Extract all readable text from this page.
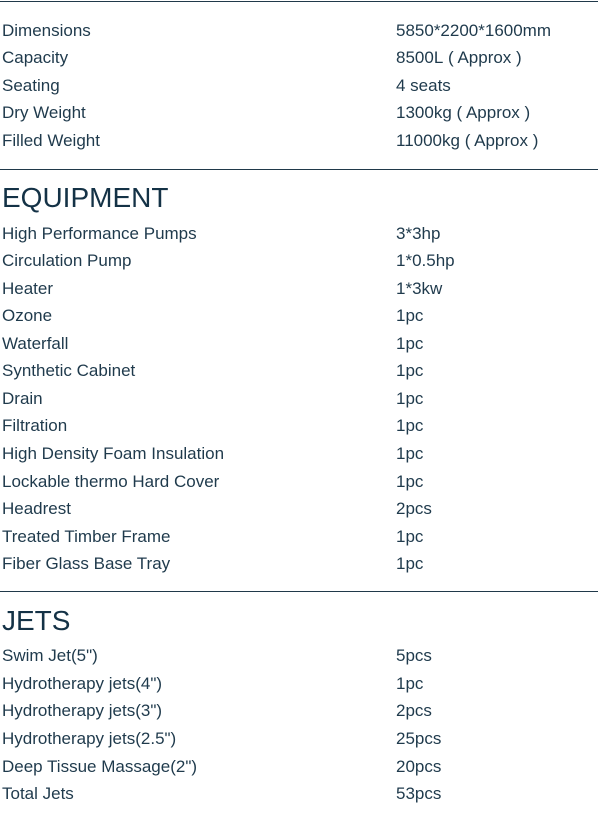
Dimensions	5850*2200*1600mm
Capacity	8500L ( Approx )
Seating	4 seats
Dry Weight	1300kg ( Approx )
Filled Weight	11000kg ( Approx )
EQUIPMENT
High Performance Pumps	3*3hp
Circulation Pump	1*0.5hp
Heater	1*3kw
Ozone	1pc
Waterfall	1pc
Synthetic Cabinet	1pc
Drain	1pc
Filtration	1pc
High Density Foam Insulation	1pc
Lockable thermo Hard Cover	1pc
Headrest	2pcs
Treated Timber Frame	1pc
Fiber Glass Base Tray	1pc
JETS
Swim Jet(5")	5pcs
Hydrotherapy jets(4")	1pc
Hydrotherapy jets(3")	2pcs
Hydrotherapy jets(2.5")	25pcs
Deep Tissue Massage(2")	20pcs
Total Jets	53pcs
